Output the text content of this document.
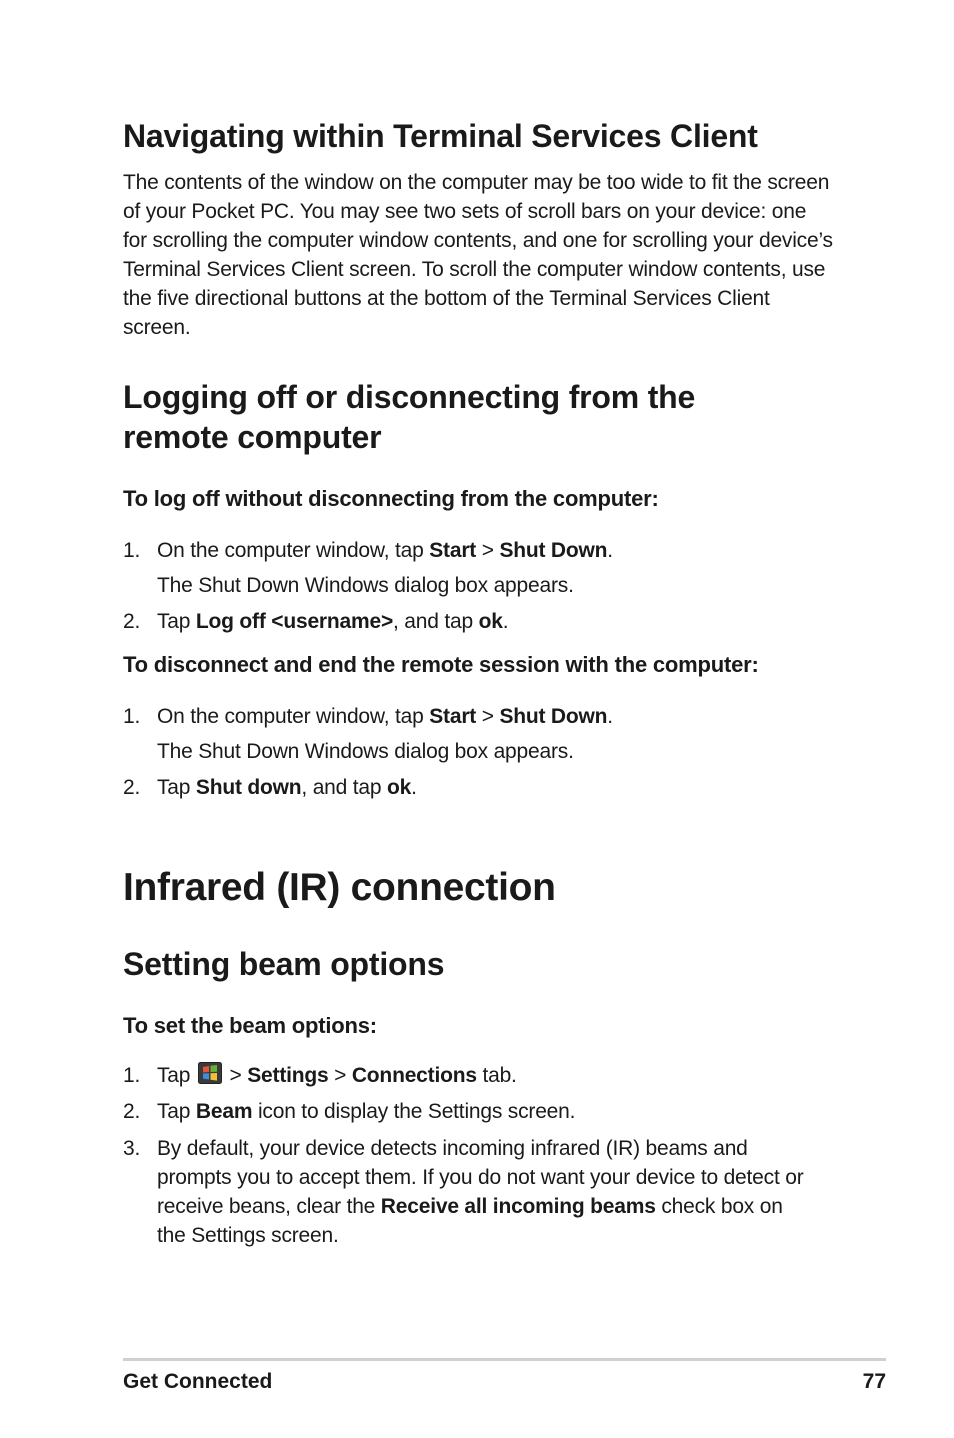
Navigating within Terminal Services Client

The contents of the window on the computer may be too wide to fit the screen of your Pocket PC. You may see two sets of scroll bars on your device: one for scrolling the computer window contents, and one for scrolling your device’s Terminal Services Client screen. To scroll the computer window contents, use the five directional buttons at the bottom of the Terminal Services Client screen.

Logging off or disconnecting from the remote computer
To log off without disconnecting from the computer:
1. On the computer window, tap Start > Shut Down.
The Shut Down Windows dialog box appears.
2. Tap Log off <username>, and tap ok.
To disconnect and end the remote session with the computer:
1. On the computer window, tap Start > Shut Down.
The Shut Down Windows dialog box appears.
2. Tap Shut down, and tap ok.
Infrared (IR) connection
Setting beam options
To set the beam options:
1. Tap  > Settings > Connections tab.
2. Tap Beam icon to display the Settings screen.
3. By default, your device detects incoming infrared (IR) beams and
prompts you to accept them. If you do not want your device to detect or
receive beans, clear the Receive all incoming beams check box on
the Settings screen.
Get Connected	77
